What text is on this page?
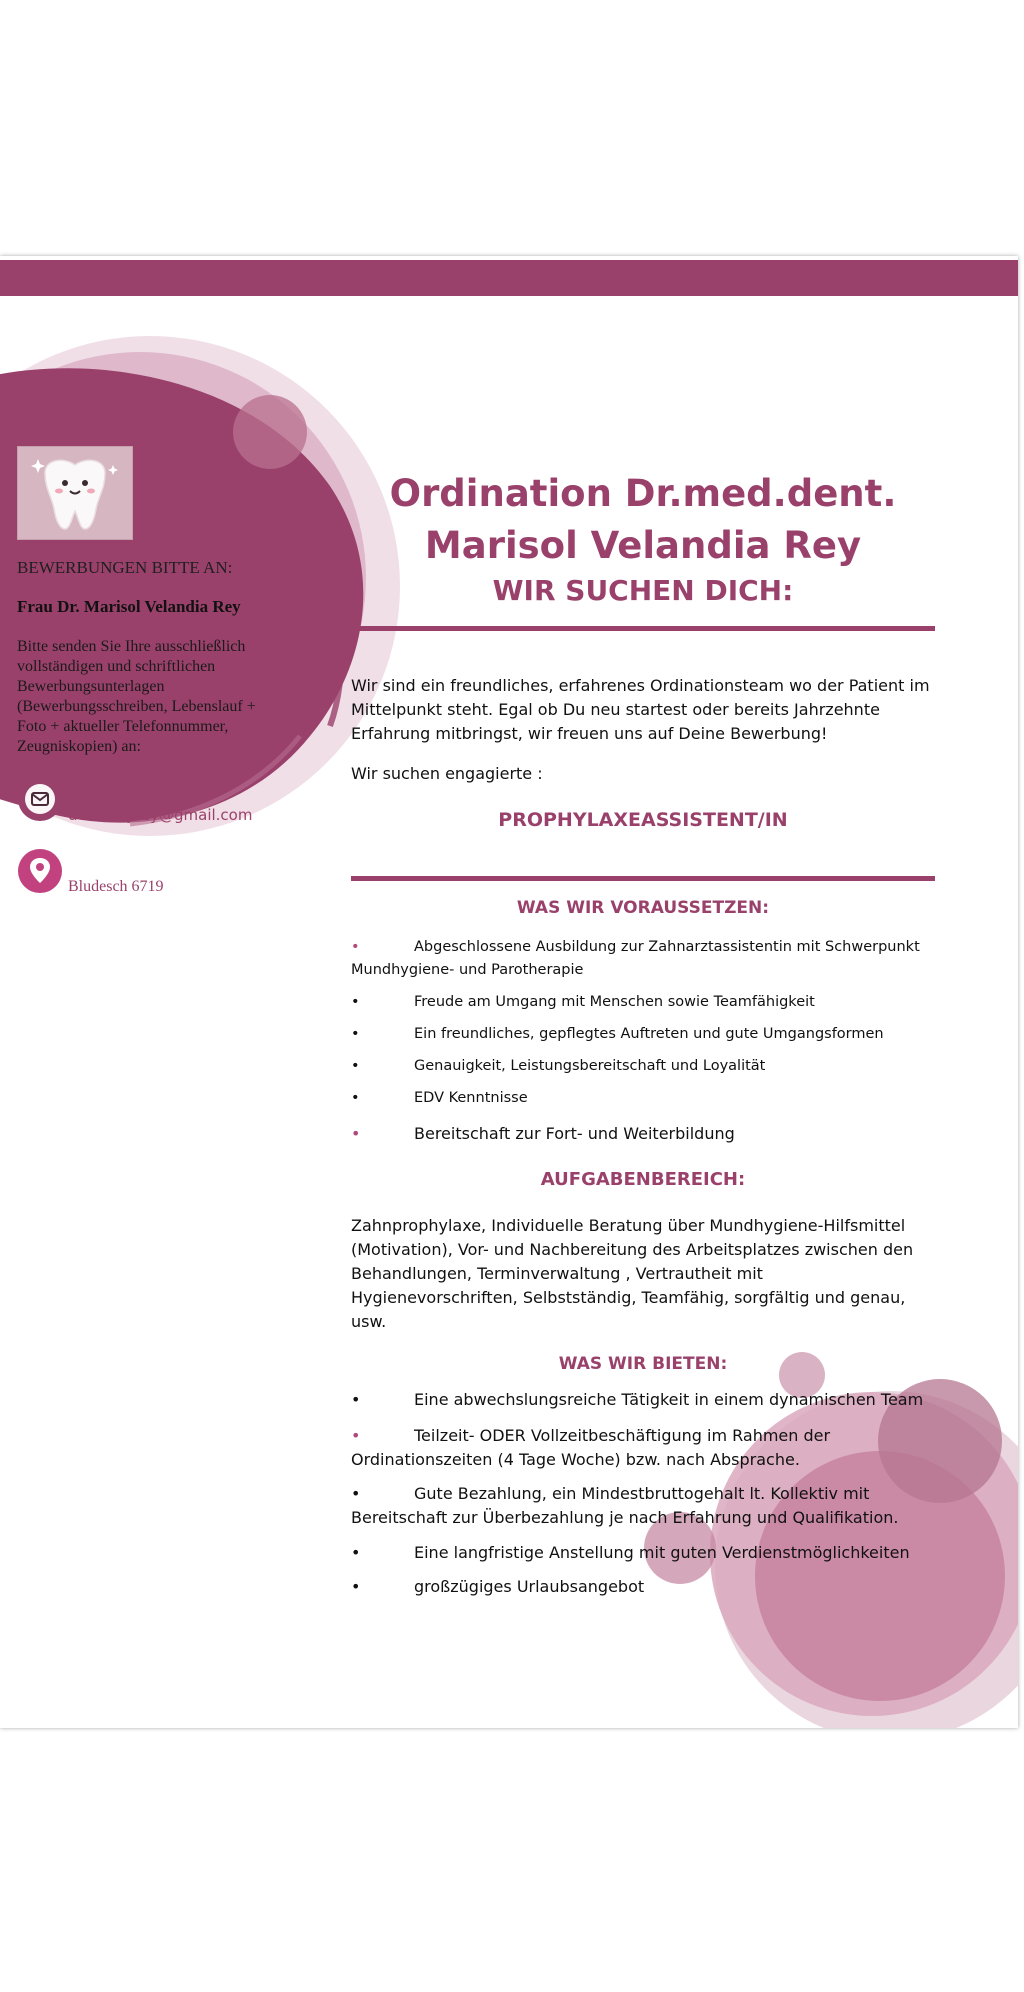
BEWERBUNGEN BITTE AN:
Frau Dr. Marisol Velandia Rey
Bitte senden Sie Ihre ausschließlich vollständigen und schriftlichen Bewerbungsunterlagen (Bewerbungsschreiben, Lebenslauf + Foto + aktueller Telefonnummer, Zeugniskopien) an:
dentistryrey@gmail.com
Bludesch 6719
Ordination Dr.med.dent.
Marisol Velandia Rey
WIR SUCHEN DICH:
Wir sind ein freundliches, erfahrenes Ordinationsteam wo der Patient im Mittelpunkt steht. Egal ob Du neu startest oder bereits Jahrzehnte Erfahrung mitbringst, wir freuen uns auf Deine Bewerbung!
Wir suchen engagierte :
PROPHYLAXEASSISTENT/IN
WAS WIR VORAUSSETZEN:
•	Abgeschlossene Ausbildung zur Zahnarztassistentin mit Schwerpunkt Mundhygiene- und Parotherapie
•	Freude am Umgang mit Menschen sowie Teamfähigkeit
•	Ein freundliches, gepflegtes Auftreten und gute Umgangsformen
•	Genauigkeit, Leistungsbereitschaft und Loyalität
•	EDV Kenntnisse
•	Bereitschaft zur Fort- und Weiterbildung
AUFGABENBEREICH:
Zahnprophylaxe, Individuelle Beratung über Mundhygiene-Hilfsmittel (Motivation), Vor- und Nachbereitung des Arbeitsplatzes zwischen den Behandlungen, Terminverwaltung , Vertrautheit mit Hygienevorschriften, Selbstständig, Teamfähig, sorgfältig und genau, usw.
WAS WIR BIETEN:
•	Eine abwechslungsreiche Tätigkeit in einem dynamischen Team
•	Teilzeit- ODER Vollzeitbeschäftigung im Rahmen der Ordinationszeiten (4 Tage Woche) bzw. nach Absprache.
•	Gute Bezahlung, ein Mindestbruttogehalt lt. Kollektiv mit Bereitschaft zur Überbezahlung je nach Erfahrung und Qualifikation.
•	Eine langfristige Anstellung mit guten Verdienstmöglichkeiten
•	großzügiges Urlaubsangebot
